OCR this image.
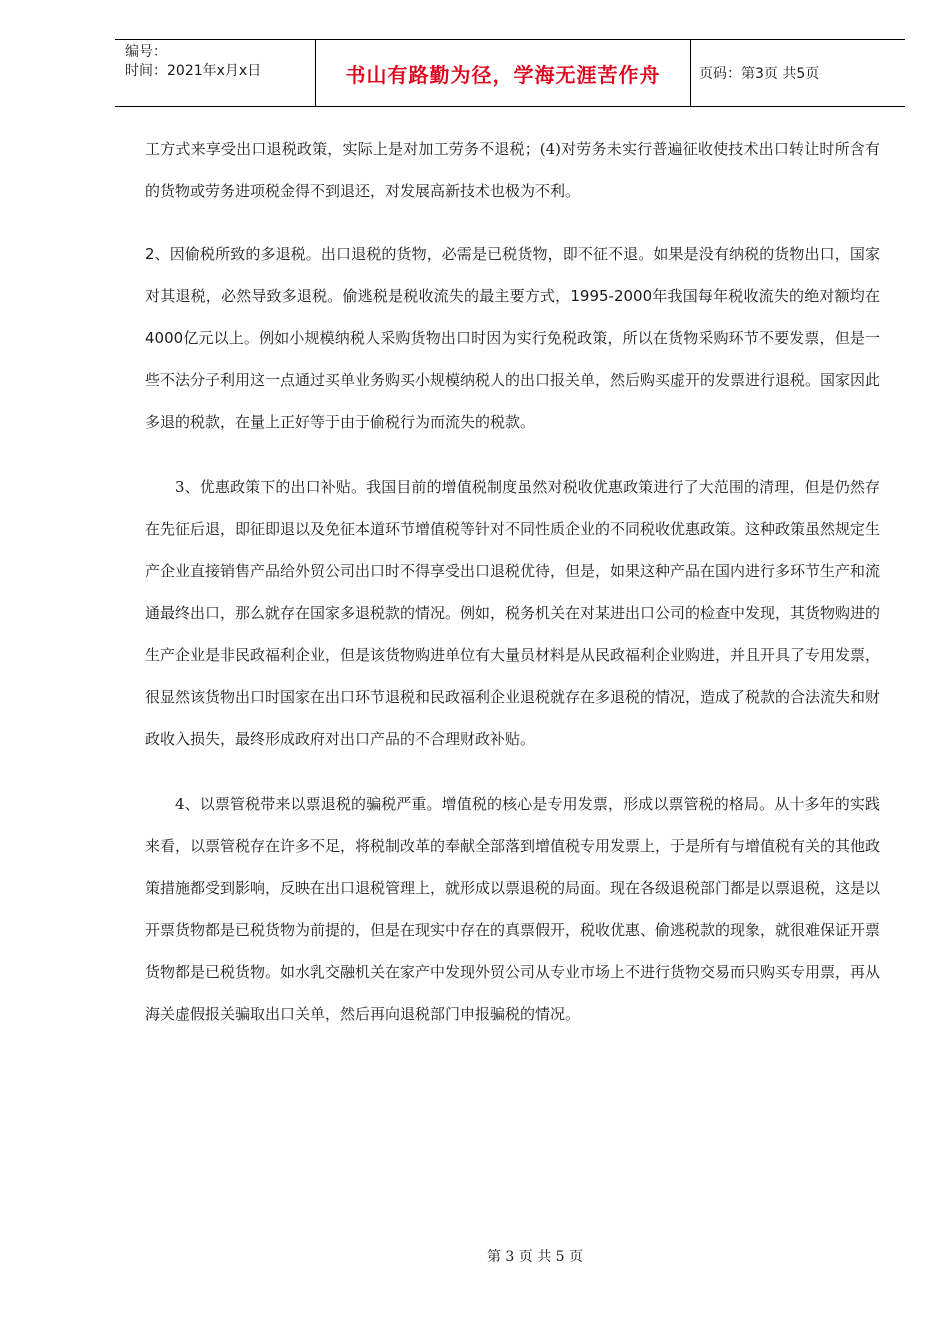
编号：
时间：2021年x月x日	书山有路勤为径，学海无涯苦作舟	页码：第3页 共5页

工方式来享受出口退税政策，实际上是对加工劳务不退税；(4)对劳务未实行普遍征收使技术出口转让时所含有的货物或劳务进项税金得不到退还，对发展高新技术也极为不利。

2、因偷税所致的多退税。出口退税的货物，必需是已税货物，即不征不退。如果是没有纳税的货物出口，国家对其退税，必然导致多退税。偷逃税是税收流失的最主要方式，1995-2000年我国每年税收流失的绝对额均在4000亿元以上。例如小规模纳税人采购货物出口时因为实行免税政策，所以在货物采购环节不要发票，但是一些不法分子利用这一点通过买单业务购买小规模纳税人的出口报关单，然后购买虚开的发票进行退税。国家因此多退的税款，在量上正好等于由于偷税行为而流失的税款。

3、优惠政策下的出口补贴。我国目前的增值税制度虽然对税收优惠政策进行了大范围的清理，但是仍然存在先征后退，即征即退以及免征本道环节增值税等针对不同性质企业的不同税收优惠政策。这种政策虽然规定生产企业直接销售产品给外贸公司出口时不得享受出口退税优待，但是，如果这种产品在国内进行多环节生产和流通最终出口，那么就存在国家多退税款的情况。例如，税务机关在对某进出口公司的检查中发现，其货物购进的生产企业是非民政福利企业，但是该货物购进单位有大量员材料是从民政福利企业购进，并且开具了专用发票，很显然该货物出口时国家在出口环节退税和民政福利企业退税就存在多退税的情况，造成了税款的合法流失和财政收入损失，最终形成政府对出口产品的不合理财政补贴。

4、以票管税带来以票退税的骗税严重。增值税的核心是专用发票，形成以票管税的格局。从十多年的实践来看，以票管税存在许多不足，将税制改革的奉献全部落到增值税专用发票上，于是所有与增值税有关的其他政策措施都受到影响，反映在出口退税管理上，就形成以票退税的局面。现在各级退税部门都是以票退税，这是以开票货物都是已税货物为前提的，但是在现实中存在的真票假开，税收优惠、偷逃税款的现象，就很难保证开票货物都是已税货物。如水乳交融机关在家产中发现外贸公司从专业市场上不进行货物交易而只购买专用票，再从海关虚假报关骗取出口关单，然后再向退税部门申报骗税的情况。

第 3 页 共 5 页
